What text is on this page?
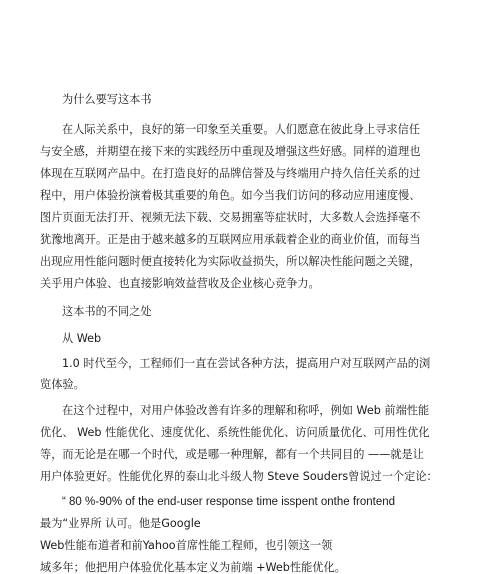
为什么要写这本书
在人际关系中，良好的第一印象至关重要。人们愿意在彼此身上寻求信任
与安全感，并期望在接下来的实践经历中重现及增强这些好感。同样的道理也
体现在互联网产品中。在打造良好的品牌信誉及与终端用户持久信任关系的过
程中，用户体验扮演着极其重要的角色。如今当我们访问的移动应用速度慢、
图片页面无法打开、视频无法下载、交易拥塞等症状时，大多数人会选择毫不
犹豫地离开。正是由于越来越多的互联网应用承载着企业的商业价值，而每当
出现应用性能问题时便直接转化为实际收益损失，所以解决性能问题之关键，
关乎用户体验、也直接影响效益营收及企业核心竞争力。
这本书的不同之处
从 Web
1.0 时代至今，工程师们一直在尝试各种方法，提高用户对互联网产品的浏
览体验。
在这个过程中，对用户体验改善有许多的理解和称呼，例如 Web 前端性能
优化、 Web 性能优化、速度优化、系统性能优化、访问质量优化、可用性优化
等，而无论是在哪一个时代，或是哪一种理解，都有一个共同目的 ——就是让
用户体验更好。性能优化界的泰山北斗级人物 Steve Souders曾说过一个定论：
“ 80 %-90% of the end-user response time isspent onthe frontend
最为“业界所 认可。他是Google
Web性能布道者和前Yahoo首席性能工程师，也引领这一领
域多年；他把用户体验优化基本定义为前端 +Web性能优化。
